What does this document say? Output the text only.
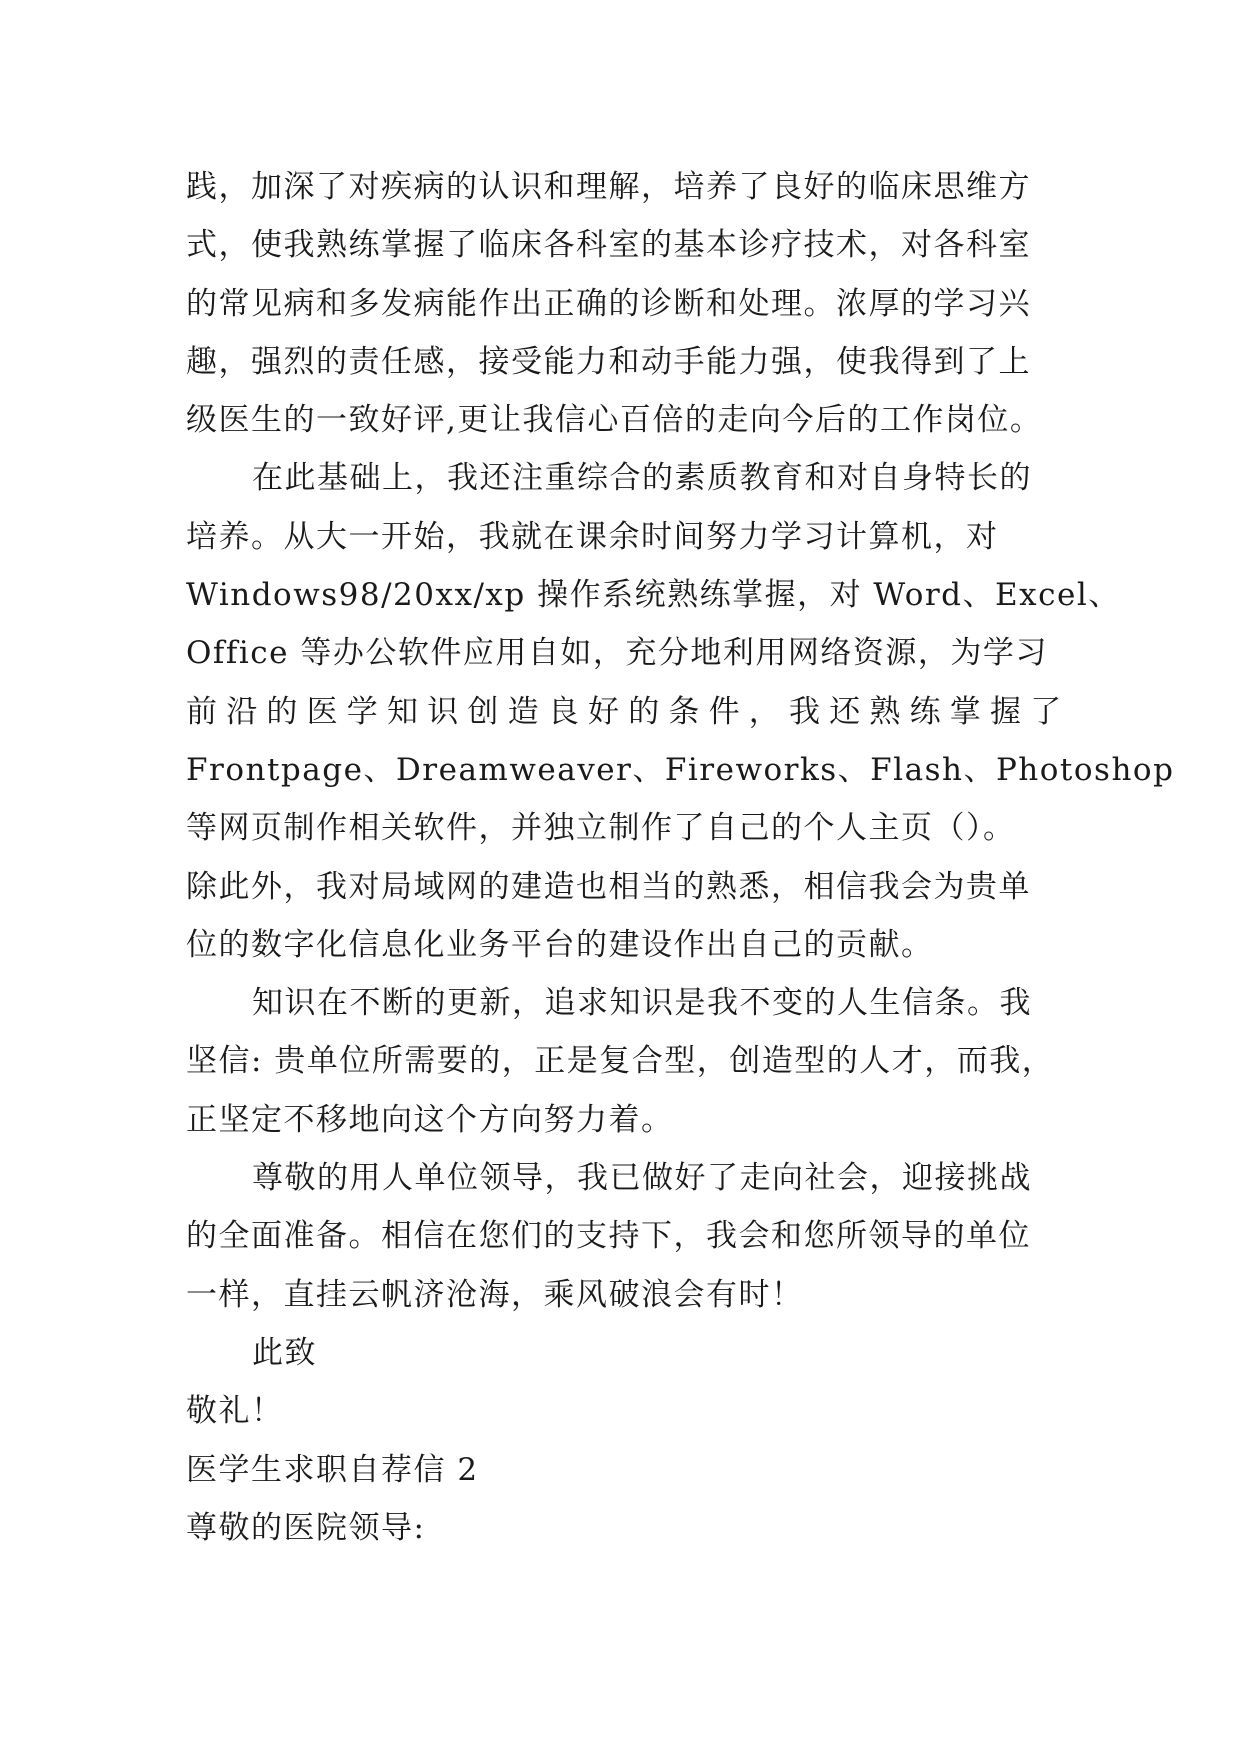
践，加深了对疾病的认识和理解，培养了良好的临床思维方
式，使我熟练掌握了临床各科室的基本诊疗技术，对各科室
的常见病和多发病能作出正确的诊断和处理。浓厚的学习兴
趣，强烈的责任感，接受能力和动手能力强，使我得到了上
级医生的一致好评,更让我信心百倍的走向今后的工作岗位。
在此基础上，我还注重综合的素质教育和对自身特长的
培养。从大一开始，我就在课余时间努力学习计算机，对
Windows98/20xx/xp 操作系统熟练掌握，对 Word、Excel、
Office 等办公软件应用自如，充分地利用网络资源，为学习
前沿的医学知识创造良好的条件，我还熟练掌握了
Frontpage、Dreamweaver、Fireworks、Flash、Photoshop
等网页制作相关软件，并独立制作了自己的个人主页（）。
除此外，我对局域网的建造也相当的熟悉，相信我会为贵单
位的数字化信息化业务平台的建设作出自己的贡献。
知识在不断的更新，追求知识是我不变的人生信条。我
坚信: 贵单位所需要的，正是复合型，创造型的人才，而我，
正坚定不移地向这个方向努力着。
尊敬的用人单位领导，我已做好了走向社会，迎接挑战
的全面准备。相信在您们的支持下，我会和您所领导的单位
一样，直挂云帆济沧海，乘风破浪会有时！
此致
敬礼！
医学生求职自荐信 2
尊敬的医院领导:
